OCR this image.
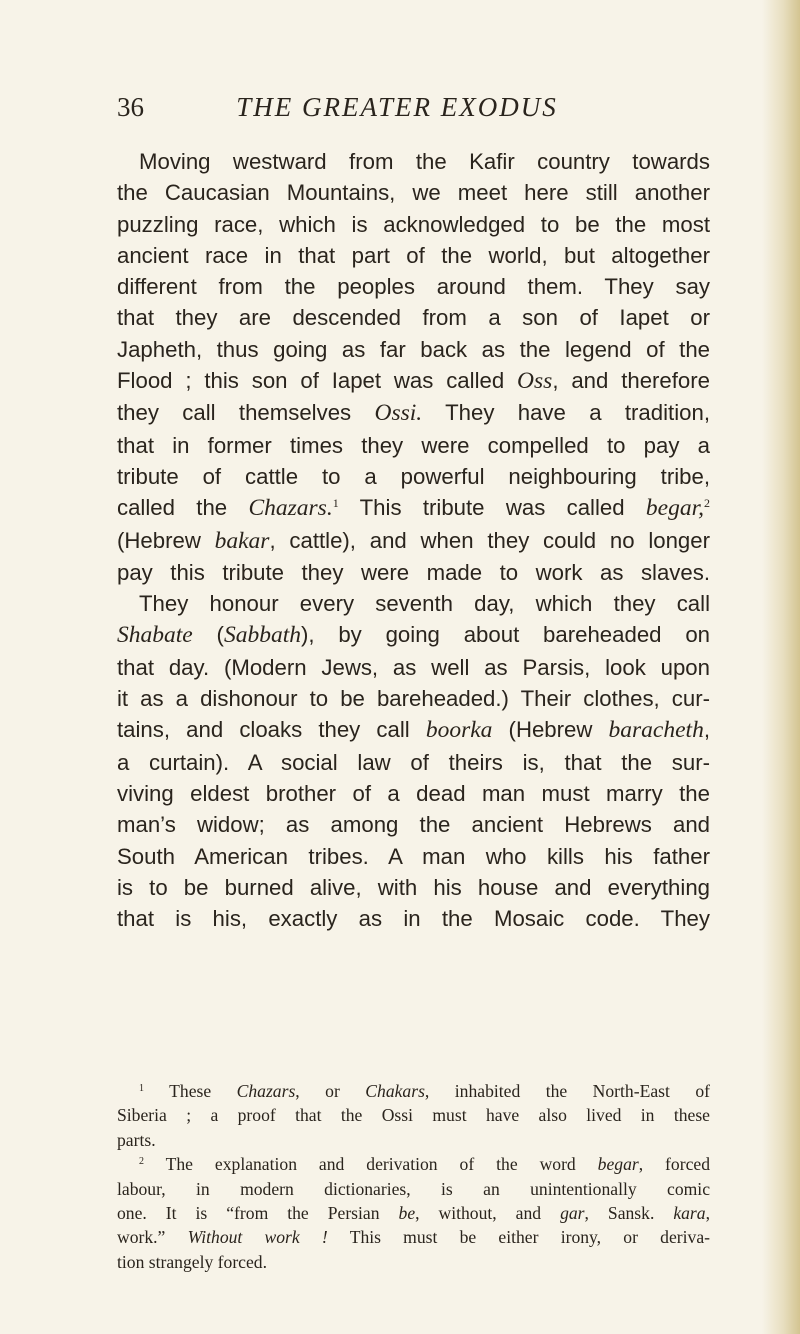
36	THE GREATER EXODUS
Moving westward from the Kafir country towards
the Caucasian Mountains, we meet here still another
puzzling race, which is acknowledged to be the most
ancient race in that part of the world, but altogether
different from the peoples around them. They say
that they are descended from a son of Iapet or
Japheth, thus going as far back as the legend of the
Flood ; this son of Iapet was called Oss, and therefore
they call themselves Ossi. They have a tradition,
that in former times they were compelled to pay a
tribute of cattle to a powerful neighbouring tribe,
called the Chazars.$^1$ This tribute was called begar,$^2$
(Hebrew bakar, cattle), and when they could no longer
pay this tribute they were made to work as slaves.
They honour every seventh day, which they call
Shabate (Sabbath), by going about bareheaded on
that day. (Modern Jews, as well as Parsis, look upon
it as a dishonour to be bareheaded.) Their clothes, cur-
tains, and cloaks they call boorka (Hebrew baracheth,
a curtain). A social law of theirs is, that the sur-
viving eldest brother of a dead man must marry the
man’s widow; as among the ancient Hebrews and
South American tribes. A man who kills his father
is to be burned alive, with his house and everything
that is his, exactly as in the Mosaic code. They
$^1$ These Chazars, or Chakars, inhabited the North-East of
Siberia ; a proof that the Ossi must have also lived in these
parts.
$^2$ The explanation and derivation of the word begar, forced
labour, in modern dictionaries, is an unintentionally comic
one. It is “from the Persian be, without, and gar, Sansk. kara,
work.” Without work ! This must be either irony, or deriva-
tion strangely forced.
